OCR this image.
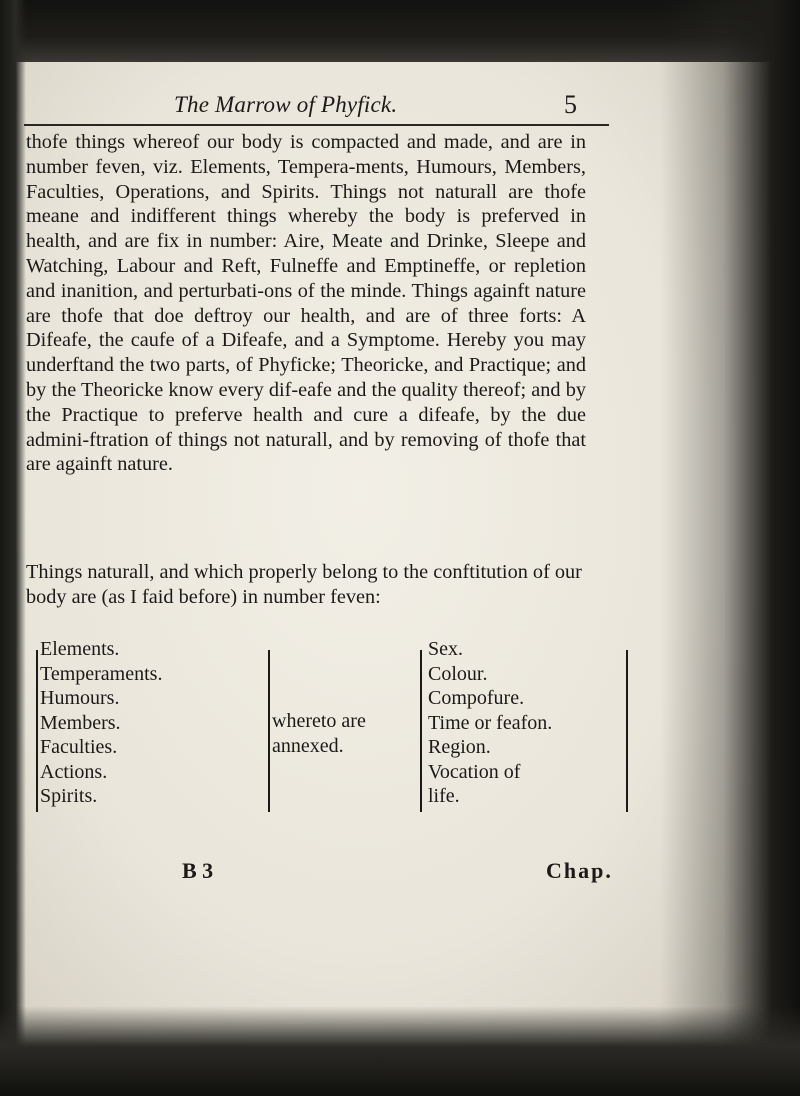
The Marrow of Phyfick.	5

thofe things whereof our body is compacted and made, and are in number feven, viz. Elements, Tempera-ments, Humours, Members, Faculties, Operations, and Spirits. Things not naturall are thofe meane and indifferent things whereby the body is preferved in health, and are fix in number: Aire, Meate and Drinke, Sleepe and Watching, Labour and Reft, Fulneffe and Emptineffe, or repletion and inanition, and perturbati-ons of the minde. Things againft nature are thofe that doe deftroy our health, and are of three forts: A Difeafe, the caufe of a Difeafe, and a Symptome. Hereby you may underftand the two parts, of Phyficke; Theoricke, and Practique; and by the Theoricke know every dif-eafe and the quality thereof; and by the Practique to preferve health and cure a difeafe, by the due admini-ftration of things not naturall, and by removing of thofe that are againft nature.

Things naturall, and which properly belong to the conftitution of our body are (as I faid before) in number feven:

Elements.
Temperaments.
Humours.
Members.
Faculties.
Actions.
Spirits.
whereto are
annexed.
Sex.
Colour.
Compofure.
Time or feafon.
Region.
Vocation of
life.
B 3	Chap.
